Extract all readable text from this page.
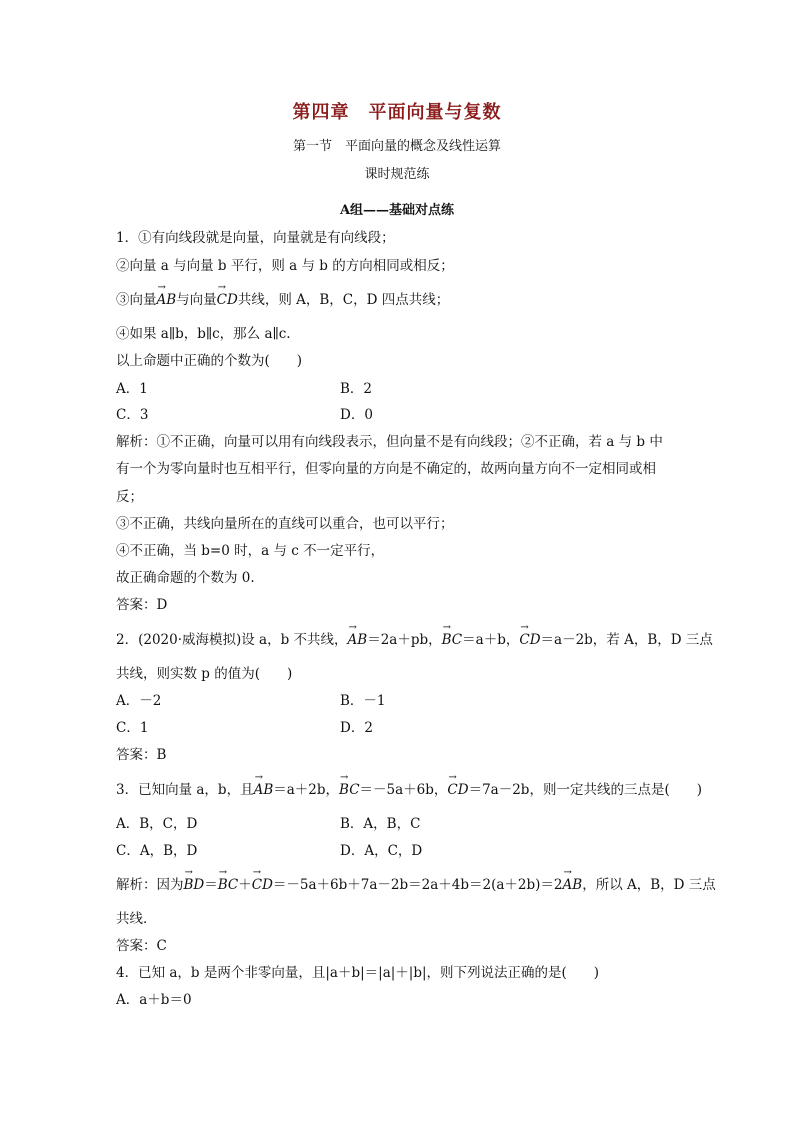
第四章　平面向量与复数
第一节　平面向量的概念及线性运算
课时规范练
A组——基础对点练
1．①有向线段就是向量，向量就是有向线段；
②向量 a 与向量 b 平行，则 a 与 b 的方向相同或相反；
③向量→ AB与向量→ CD共线，则 A，B，C，D 四点共线；
④如果 a∥b，b∥c，那么 a∥c.
以上命题中正确的个数为(　　)
A．1	B．2
C．3	D．0
解析：①不正确，向量可以用有向线段表示，但向量不是有向线段；②不正确，若 a 与 b 中
有一个为零向量时也互相平行，但零向量的方向是不确定的，故两向量方向不一定相同或相
反；
③不正确，共线向量所在的直线可以重合，也可以平行；
④不正确，当 b=0 时，a 与 c 不一定平行，
故正确命题的个数为 0.
答案：D
2．(2020·威海模拟)设 a，b 不共线，→ AB＝2a＋pb，→ BC＝a＋b，→ CD＝a－2b，若 A，B，D 三点
共线，则实数 p 的值为(　　)
A．－2	B．－1
C．1	D．2
答案：B
3．已知向量 a，b，且→ AB＝a＋2b，→ BC＝－5a＋6b，→ CD＝7a－2b，则一定共线的三点是(　　)
A．B，C，D	B．A，B，C
C．A，B，D	D．A，C，D
解析：因为→ BD＝→ BC＋→ CD＝－5a＋6b＋7a－2b＝2a＋4b＝2(a＋2b)＝2→ AB，所以 A，B，D 三点
共线．
答案：C
4．已知 a，b 是两个非零向量，且|a＋b|＝|a|＋|b|，则下列说法正确的是(　　)
A．a＋b＝0
